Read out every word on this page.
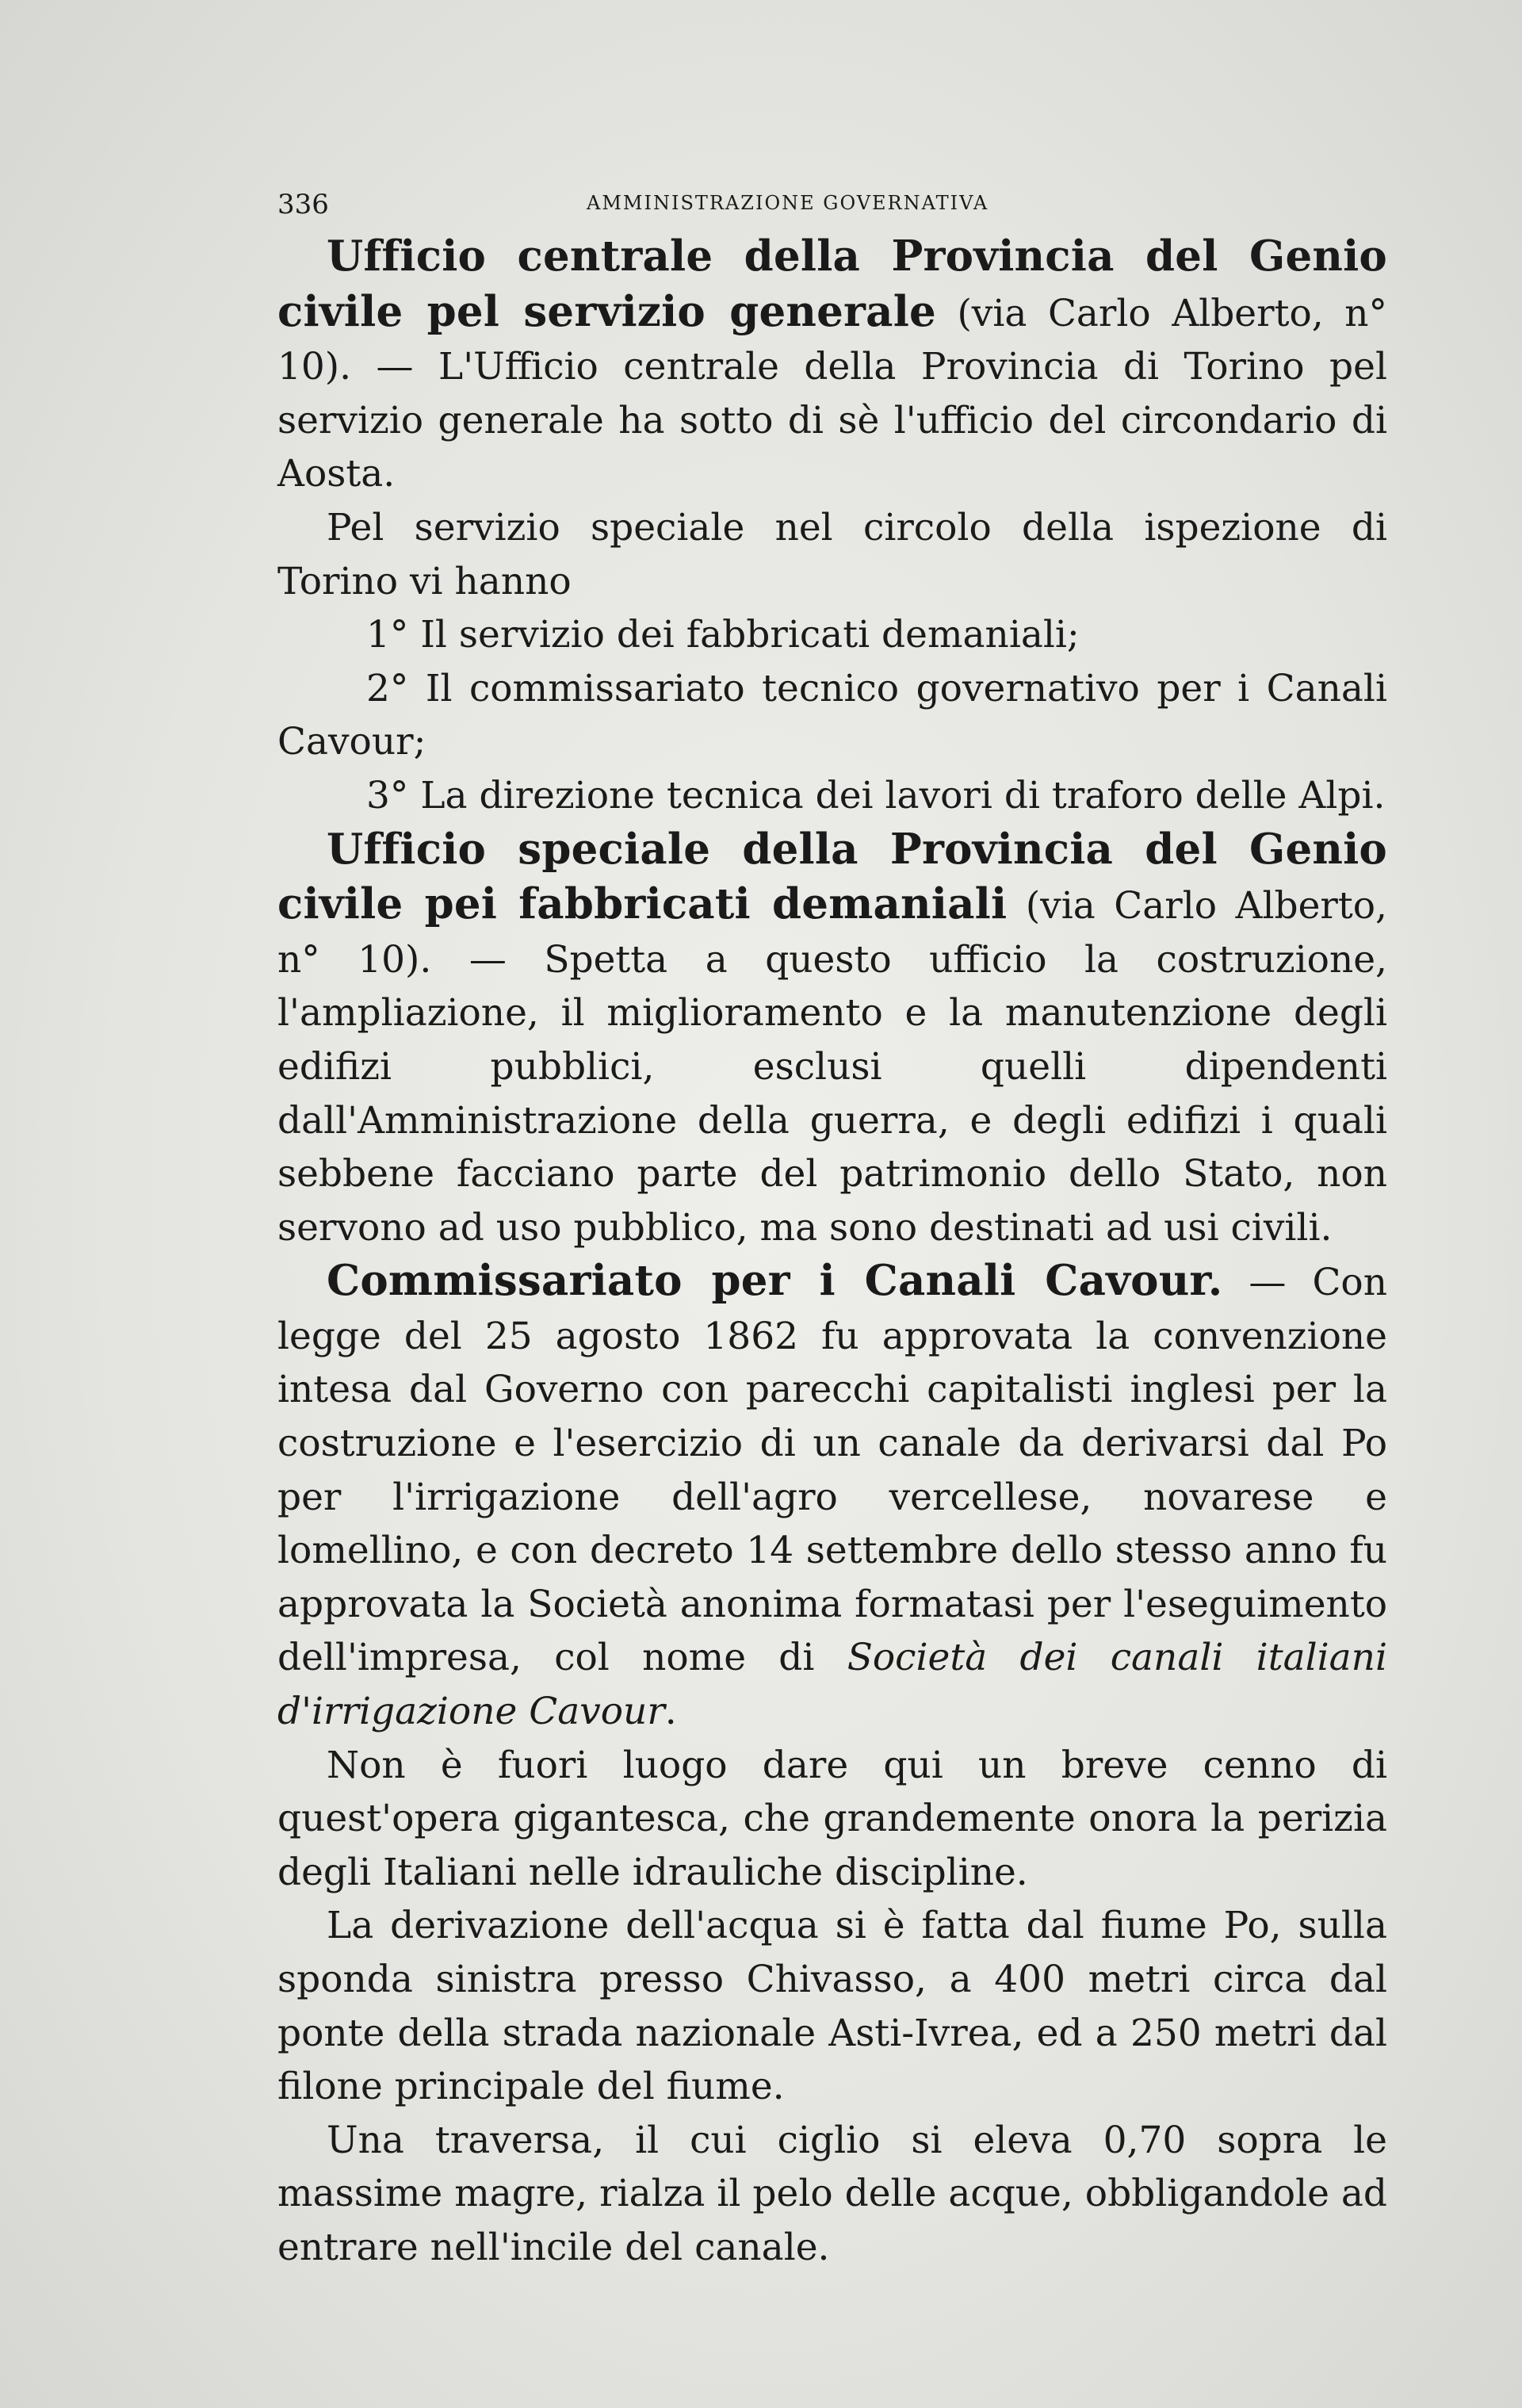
336	AMMINISTRAZIONE GOVERNATIVA

Ufficio centrale della Provincia del Genio civile pel servizio generale (via Carlo Alberto, n° 10). — L'Ufficio centrale della Provincia di Torino pel servizio generale ha sotto di sè l'ufficio del circondario di Aosta.

Pel servizio speciale nel circolo della ispezione di Torino vi hanno

1° Il servizio dei fabbricati demaniali;

2° Il commissariato tecnico governativo per i Canali Cavour;

3° La direzione tecnica dei lavori di traforo delle Alpi.

Ufficio speciale della Provincia del Genio civile pei fabbricati demaniali (via Carlo Alberto, n° 10). — Spetta a questo ufficio la costruzione, l'ampliazione, il miglioramento e la manutenzione degli edifizi pubblici, esclusi quelli dipendenti dall'Amministrazione della guerra, e degli edifizi i quali sebbene facciano parte del patrimonio dello Stato, non servono ad uso pubblico, ma sono destinati ad usi civili.

Commissariato per i Canali Cavour. — Con legge del 25 agosto 1862 fu approvata la convenzione intesa dal Governo con parecchi capitalisti inglesi per la costruzione e l'esercizio di un canale da derivarsi dal Po per l'irrigazione dell'agro vercellese, novarese e lomellino, e con decreto 14 settembre dello stesso anno fu approvata la Società anonima formatasi per l'eseguimento dell'impresa, col nome di Società dei canali italiani d'irrigazione Cavour.

Non è fuori luogo dare qui un breve cenno di quest'opera gigantesca, che grandemente onora la perizia degli Italiani nelle idrauliche discipline.

La derivazione dell'acqua si è fatta dal fiume Po, sulla sponda sinistra presso Chivasso, a 400 metri circa dal ponte della strada nazionale Asti-Ivrea, ed a 250 metri dal filone principale del fiume.

Una traversa, il cui ciglio si eleva 0,70 sopra le massime magre, rialza il pelo delle acque, obbligandole ad entrare nell'incile del canale.
